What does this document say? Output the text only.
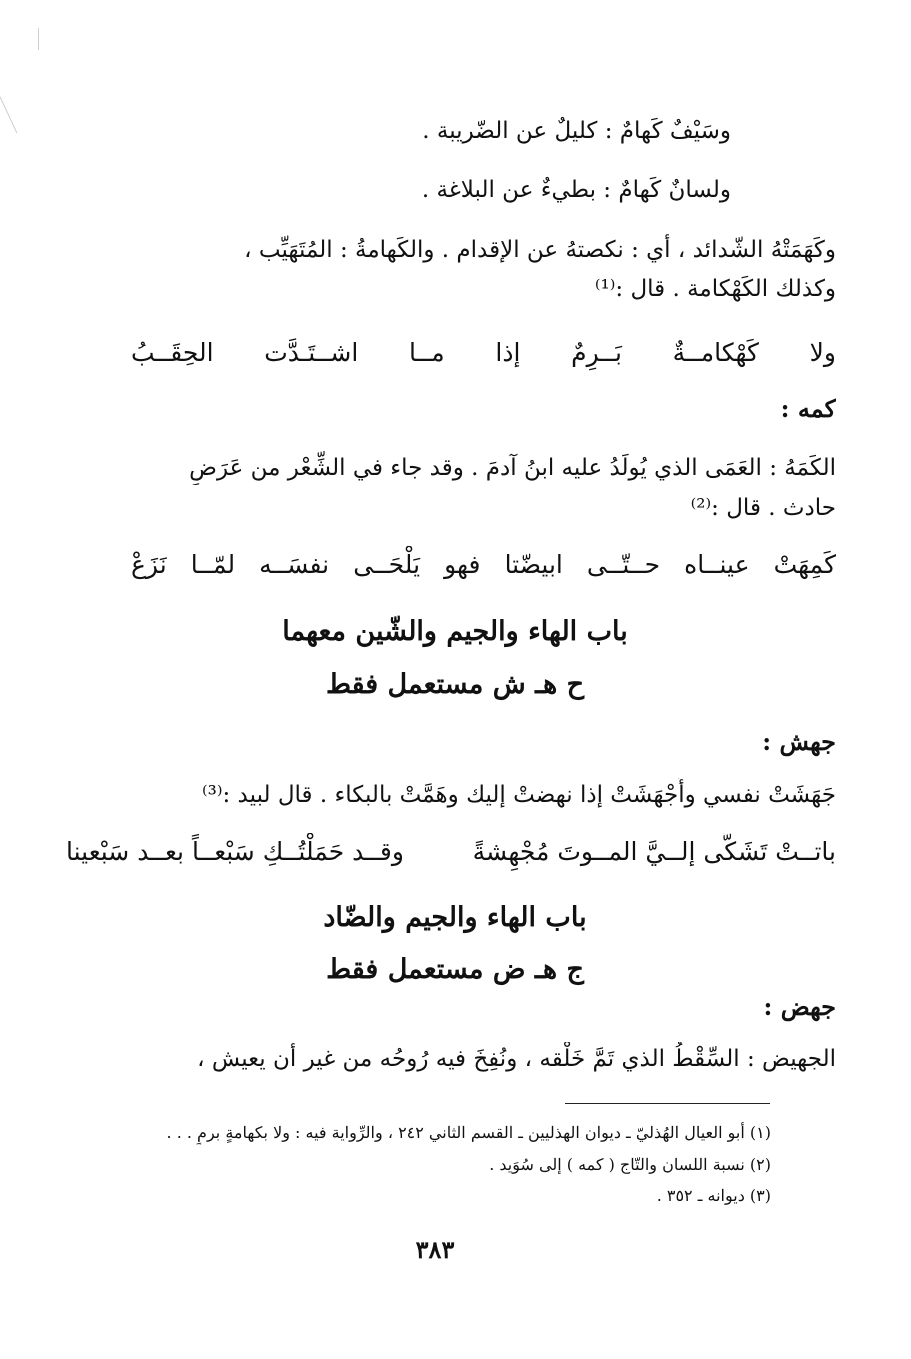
وسَيْفٌ كَهامٌ : كليلٌ عن الضّريبة .
ولسانٌ كَهامٌ : بطيءٌ عن البلاغة .
وكَهَمَتْهُ الشّدائد ، أي : نكصتهُ عن الإقدام . والكَهامةُ : المُتَهَيِّب ،
وكذلك الكَهْكامة . قال :⁽¹⁾
ولا
كَهْكامــةٌ
بَــرِمٌ
إذا
مــا
اشــتَـدَّت
الحِقَــبُ
كمه :
الكَمَهُ : العَمَى الذي يُولَدُ عليه ابنُ آدمَ . وقد جاء في الشِّعْر من عَرَضٍ
حادث . قال :⁽²⁾
كَمِهَتْ
عينــاه
حــتّــى
ابيضّتا
فهو
يَلْحَــى
نفسَــه
لمّــا
نَزَعْ
باب الهاء والجيم والشّين معهما
ح هـ ش مستعمل فقط
جهش :
جَهَشَتْ نفسي وأَجْهَشَتْ إذا نهضتْ إليك وهَمَّتْ بالبكاء . قال لبيد :⁽³⁾
باتــتْ تَشَكَّى إلــيَّ المــوتَ مُجْهِشةً
وقــد حَمَلْتُــكِ سَبْعــاً بعــد سَبْعينا
باب الهاء والجيم والضّاد
ج هـ ض مستعمل فقط
جهض :
الجهيض : السِّقْطُ الذي تَمَّ خَلْقه ، ونُفِخَ فيه رُوحُه من غير أن يعيش ،
(١) أبو العيال الهُذليّ ـ ديوان الهذليين ـ القسم الثاني ٢٤٢ ، والرِّواية فيه : ولا بكهامةٍ برمٍ . . .
(٢) نسبة اللسان والتّاج ( كمه ) إلى سُوَيد .
(٣) ديوانه ـ ٣٥٢ .
٣٨٣
